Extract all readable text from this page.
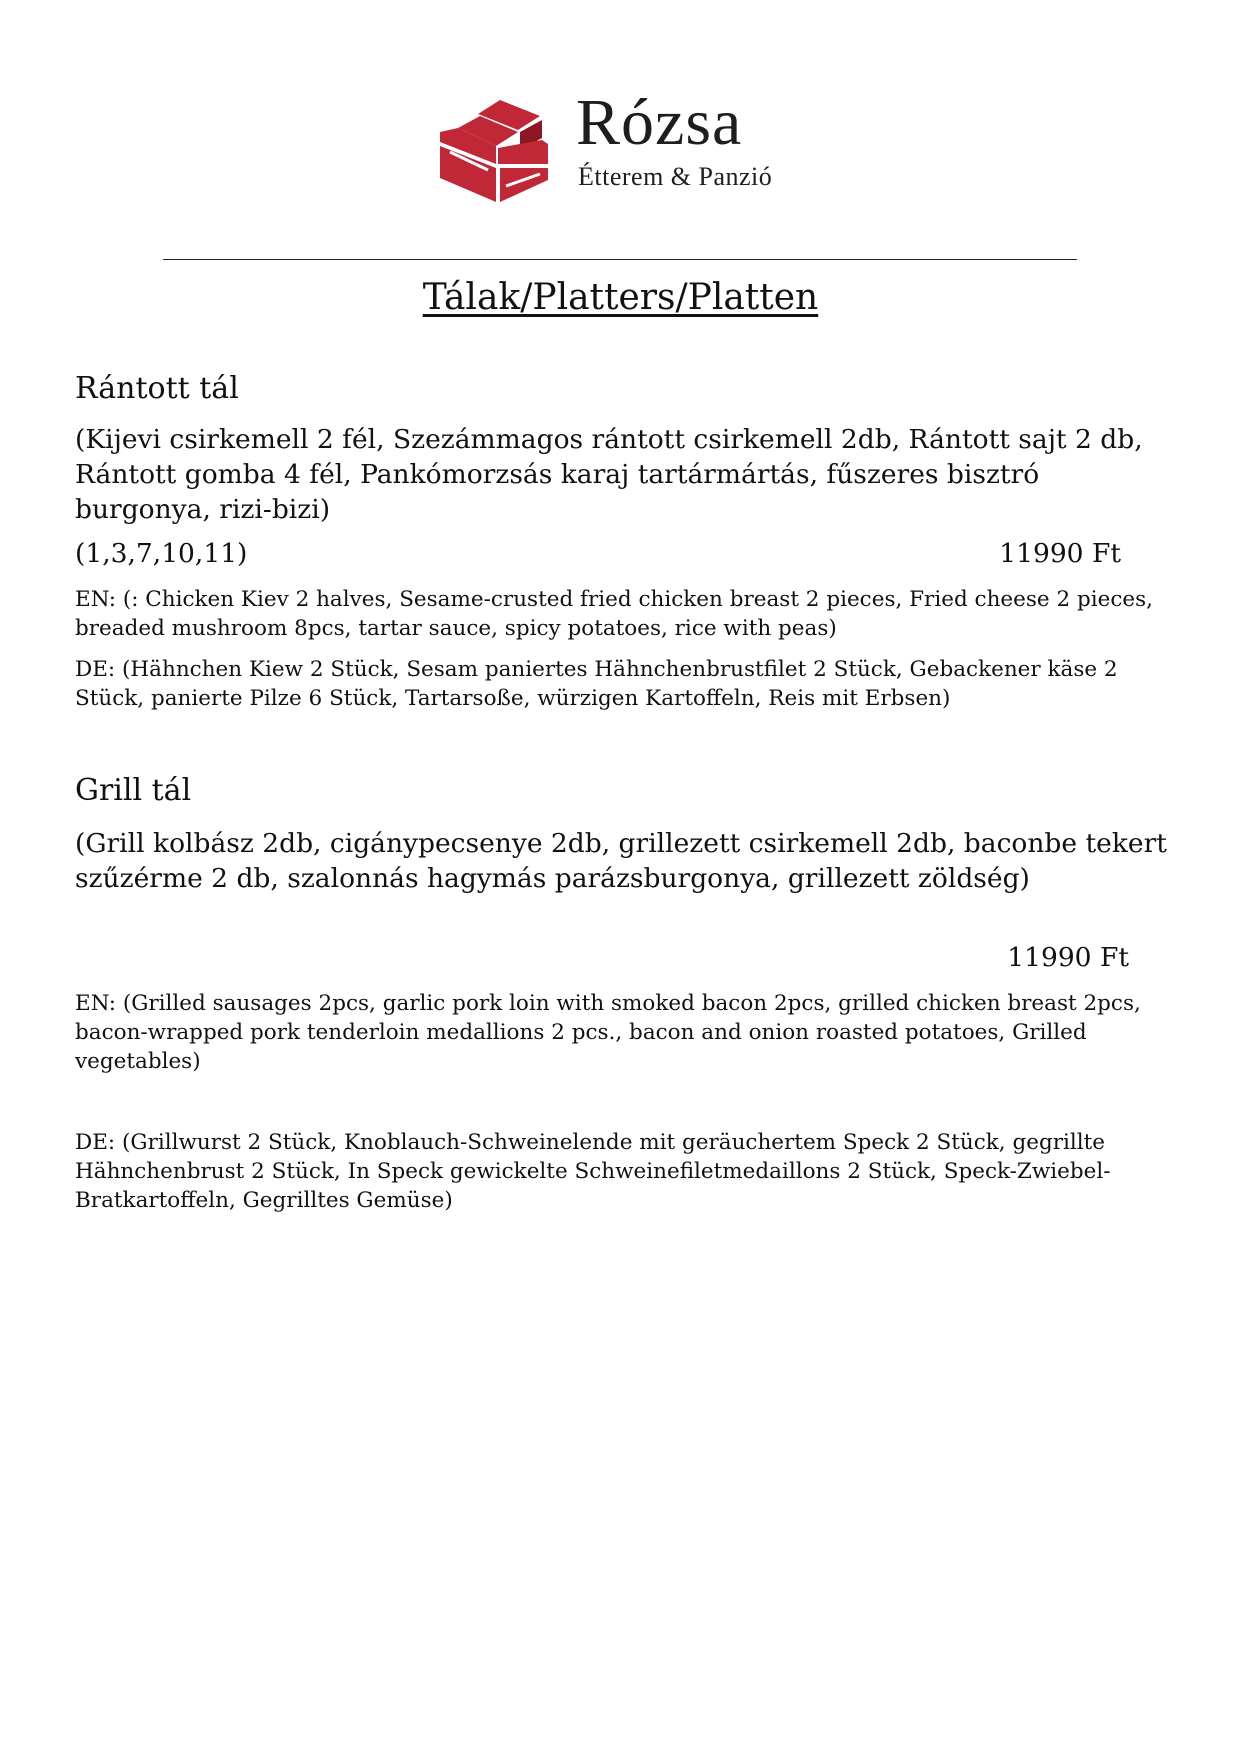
Rózsa
Étterem & Panzió
Tálak/Platters/Platten
Rántott tál

(Kijevi csirkemell 2 fél, Szezámmagos rántott csirkemell 2db, Rántott sajt 2 db, Rántott gomba 4 fél, Pankómorzsás karaj tartármártás, fűszeres bisztró burgonya, rizi-bizi)

(1,3,7,10,11)	11990 Ft

EN: (: Chicken Kiev 2 halves, Sesame-crusted fried chicken breast 2 pieces, Fried cheese 2 pieces, breaded mushroom 8pcs, tartar sauce, spicy potatoes, rice with peas)

DE: (Hähnchen Kiew 2 Stück, Sesam paniertes Hähnchenbrustfilet 2 Stück, Gebackener käse 2 Stück, panierte Pilze 6 Stück, Tartarsoße, würzigen Kartoffeln, Reis mit Erbsen)

Grill tál

(Grill kolbász 2db, cigánypecsenye 2db, grillezett csirkemell 2db, baconbe tekert szűzérme 2 db, szalonnás hagymás parázsburgonya, grillezett zöldség)

11990 Ft

EN: (Grilled sausages 2pcs, garlic pork loin with smoked bacon 2pcs, grilled chicken breast 2pcs, bacon-wrapped pork tenderloin medallions 2 pcs., bacon and onion roasted potatoes, Grilled vegetables)

DE: (Grillwurst 2 Stück, Knoblauch-Schweinelende mit geräuchertem Speck 2 Stück, gegrillte Hähnchenbrust 2 Stück, In Speck gewickelte Schweinefiletmedaillons 2 Stück, Speck-Zwiebel-Bratkartoffeln, Gegrilltes Gemüse)
